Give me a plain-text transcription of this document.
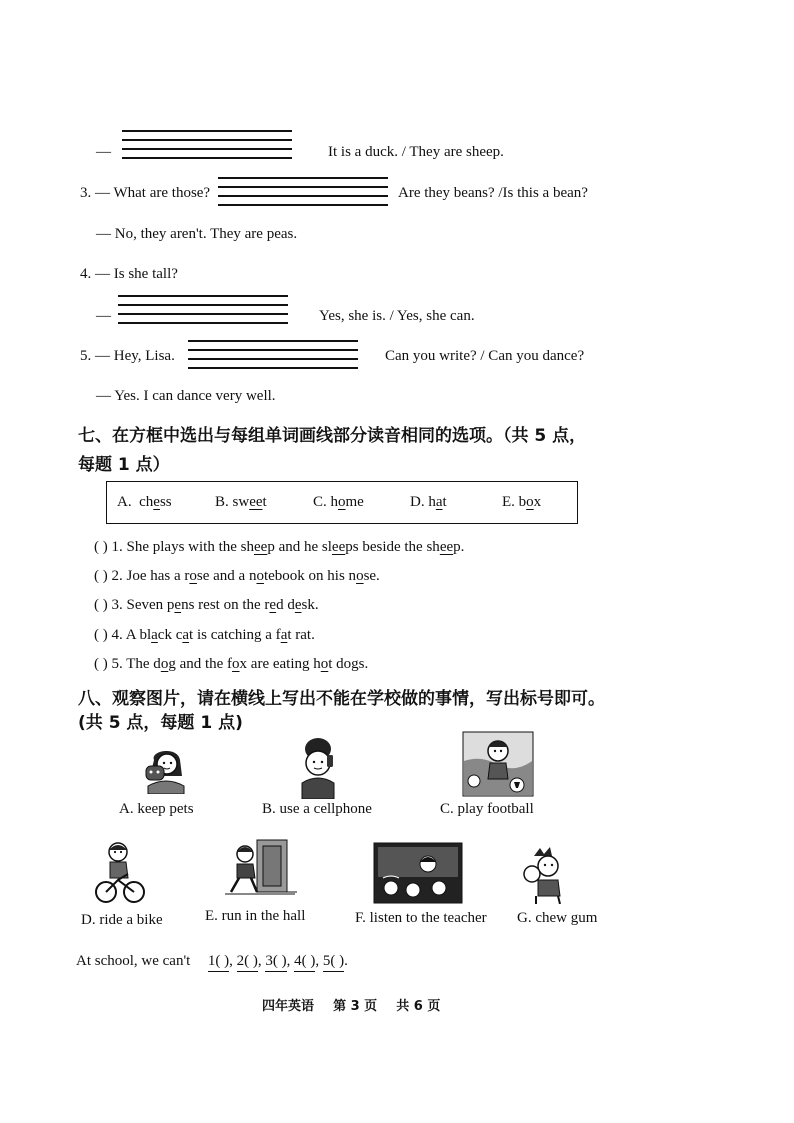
—	It is a duck. / They are sheep.
3. — What are those?	Are they beans? /Is this a bean?
— No, they aren't. They are peas.
4. — Is she tall?
—	Yes, she is. / Yes, she can.
5. — Hey, Lisa.	Can you write? / Can you dance?
— Yes. I can dance very well.
七、在方框中选出与每组单词画线部分读音相同的选项。（共 5 点，
每题 1 点）
A. chess	B. sweet	C. home	D. hat	E. box
( ) 1. She plays with the sheep and he sleeps beside the sheep.
( ) 2. Joe has a rose and a notebook on his nose.
( ) 3. Seven pens rest on the red desk.
( ) 4. A black cat is catching a fat rat.
( ) 5. The dog and the fox are eating hot dogs.
八、观察图片，请在横线上写出不能在学校做的事情，写出标号即可。
(共 5 点，每题 1 点)
A. keep pets	B. use a cellphone	C. play football
D. ride a bike	E. run in the hall	F. listen to the teacher G. chew gum
At school, we can't 1( ), 2( ), 3( ), 4( ), 5( ).
四年英语 第 3 页 共 6 页
